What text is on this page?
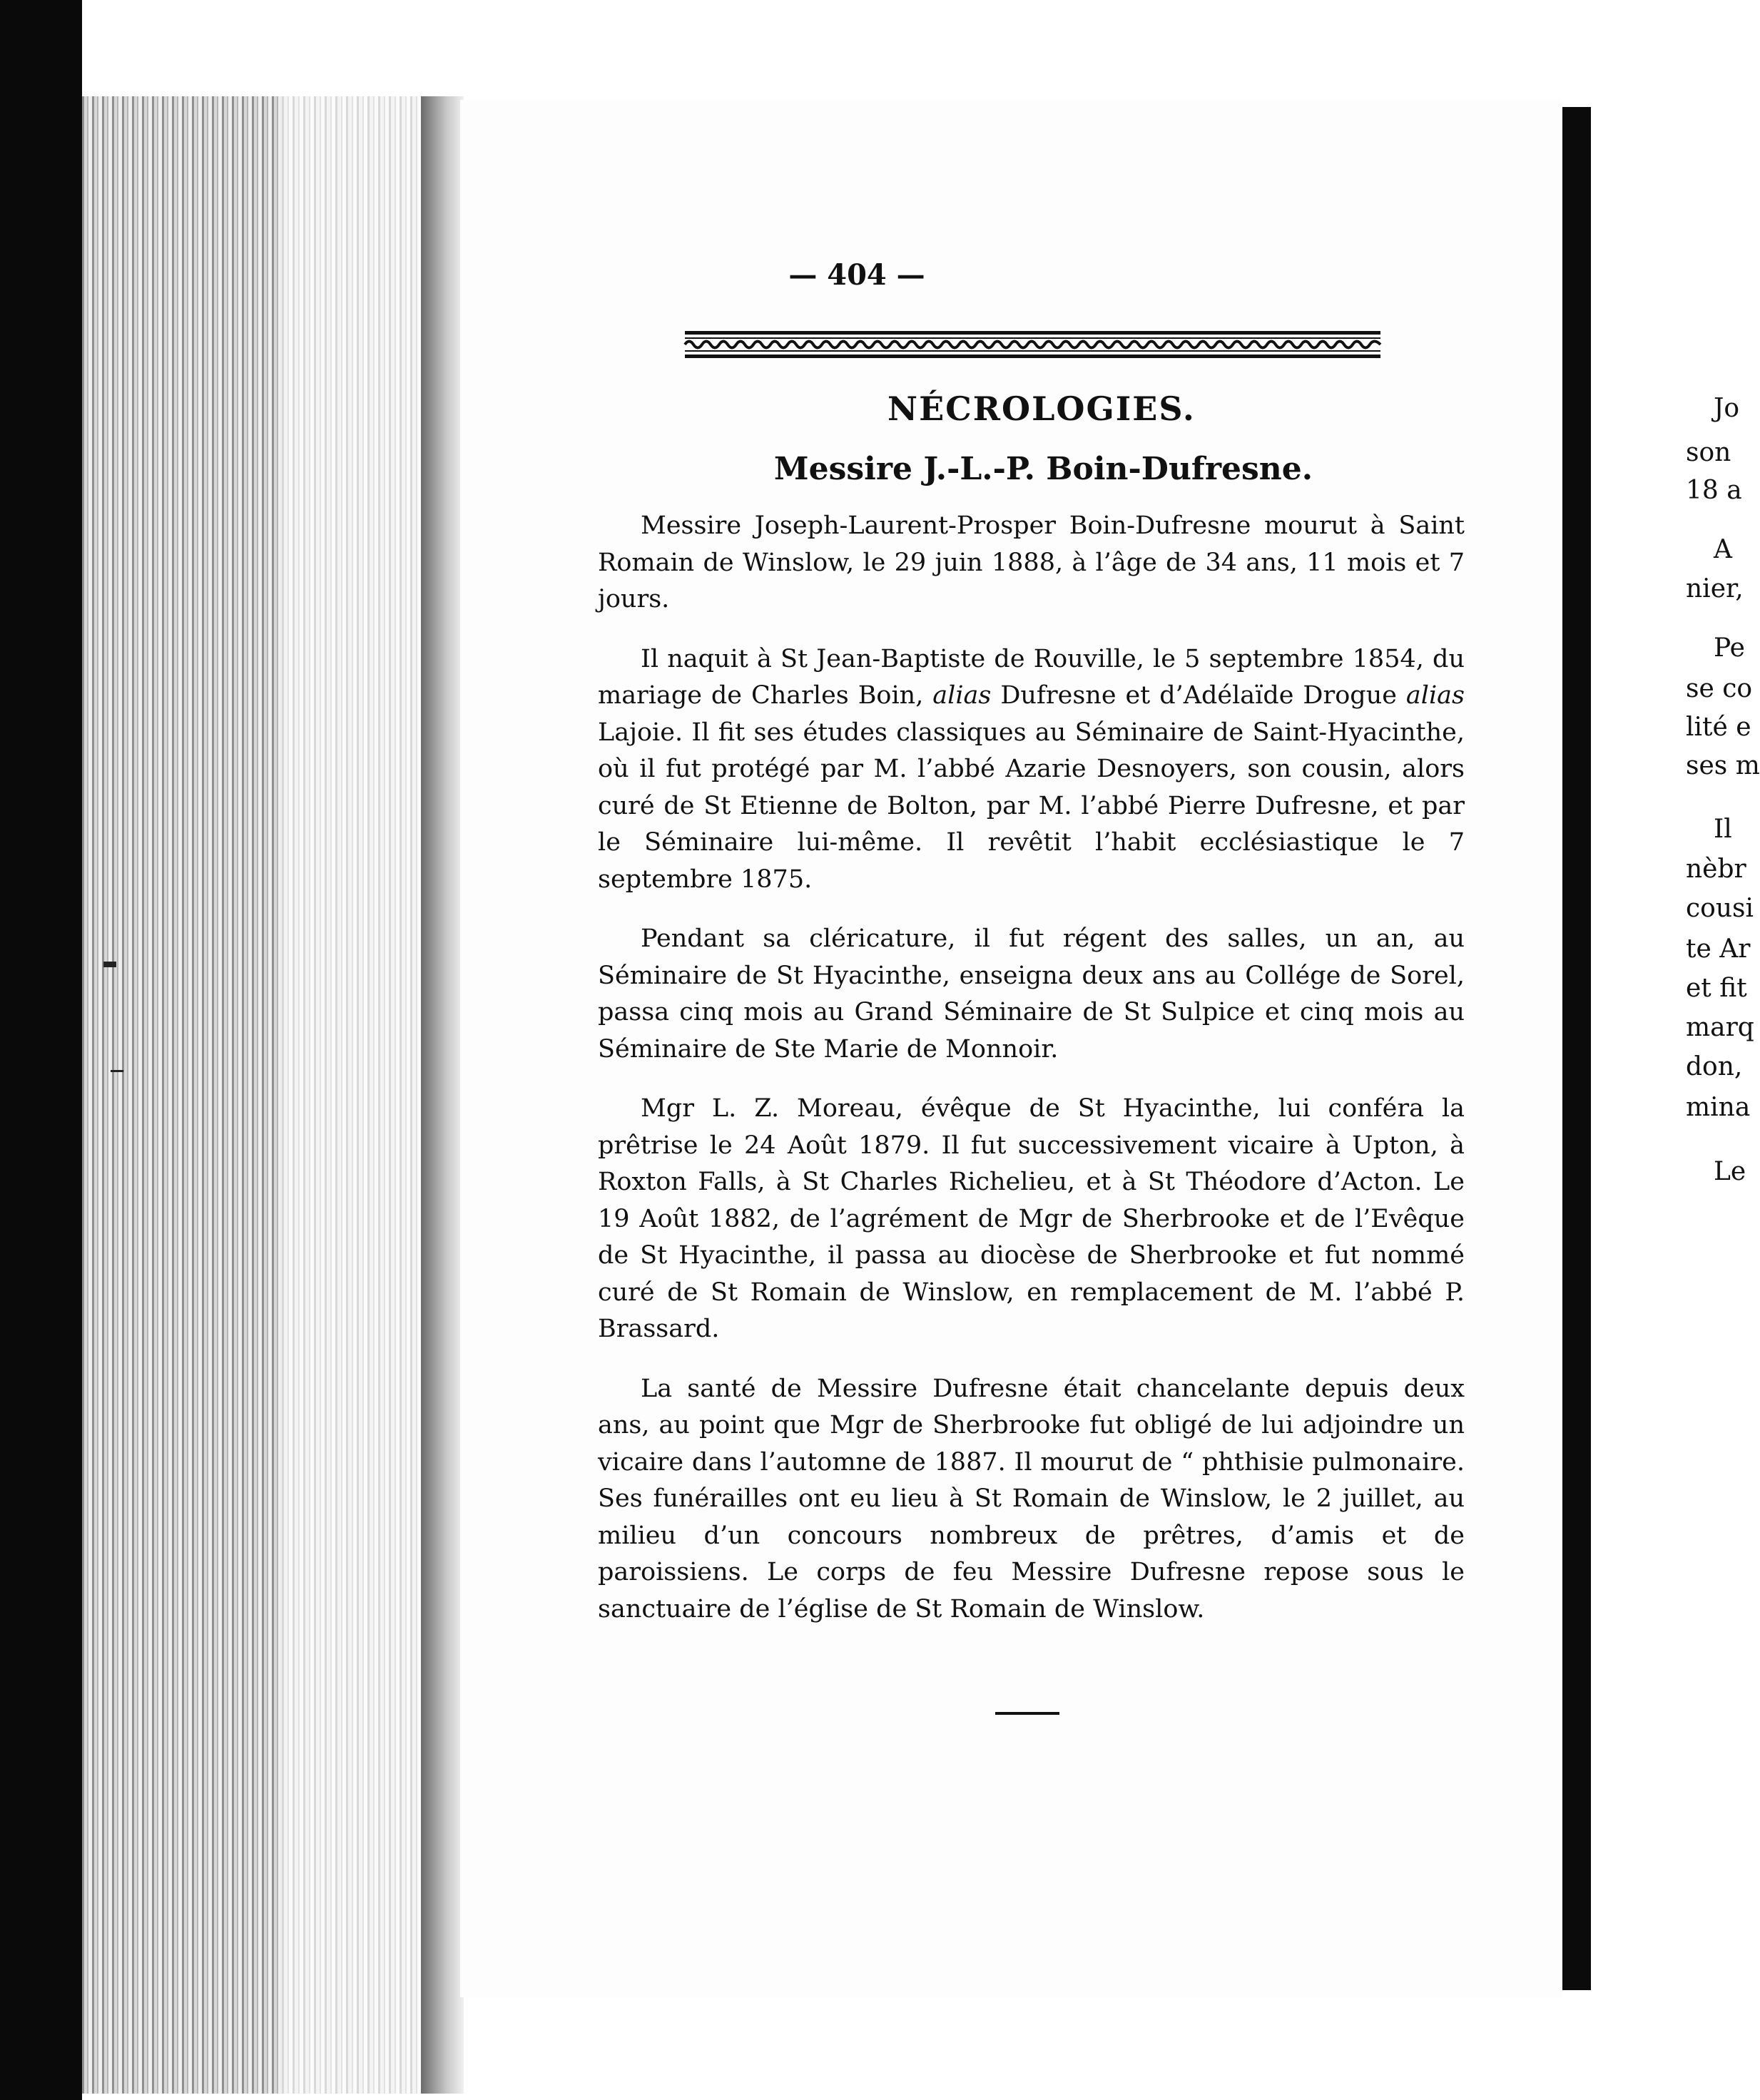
Jo
son
18 a
A
nier,
Pe
se co
lité e
ses m
Il
nèbr
cousi
te Ar
et fit
marq
don,
mina
Le
— 404 —
NÉCROLOGIES.
Messire J.-L.-P. Boin-Dufresne.

Messire Joseph-Laurent-Prosper Boin-Dufresne mourut à Saint Romain de Winslow, le 29 juin 1888, à l’âge de 34 ans, 11 mois et 7 jours.

Il naquit à St Jean-Baptiste de Rouville, le 5 septembre 1854, du mariage de Charles Boin, alias Dufresne et d’Adélaïde Drogue alias Lajoie. Il fit ses études classiques au Séminaire de Saint-Hyacinthe, où il fut protégé par M. l’abbé Azarie Desnoyers, son cousin, alors curé de St Etienne de Bolton, par M. l’abbé Pierre Dufresne, et par le Séminaire lui-même. Il revêtit l’habit ecclésiastique le 7 septembre 1875.

Pendant sa cléricature, il fut régent des salles, un an, au Séminaire de St Hyacinthe, enseigna deux ans au Collége de Sorel, passa cinq mois au Grand Séminaire de St Sulpice et cinq mois au Séminaire de Ste Marie de Monnoir.

Mgr L. Z. Moreau, évêque de St Hyacinthe, lui conféra la prêtrise le 24 Août 1879. Il fut successivement vicaire à Upton, à Roxton Falls, à St Charles Richelieu, et à St Théodore d’Acton. Le 19 Août 1882, de l’agrément de Mgr de Sherbrooke et de l’Evêque de St Hyacinthe, il passa au diocèse de Sherbrooke et fut nommé curé de St Romain de Winslow, en remplacement de M. l’abbé P. Brassard.

La santé de Messire Dufresne était chancelante depuis deux ans, au point que Mgr de Sherbrooke fut obligé de lui adjoindre un vicaire dans l’automne de 1887. Il mourut de “ phthisie pulmonaire. Ses funérailles ont eu lieu à St Romain de Winslow, le 2 juillet, au milieu d’un concours nombreux de prêtres, d’amis et de paroissiens. Le corps de feu Messire Dufresne repose sous le sanctuaire de l’église de St Romain de Winslow.
